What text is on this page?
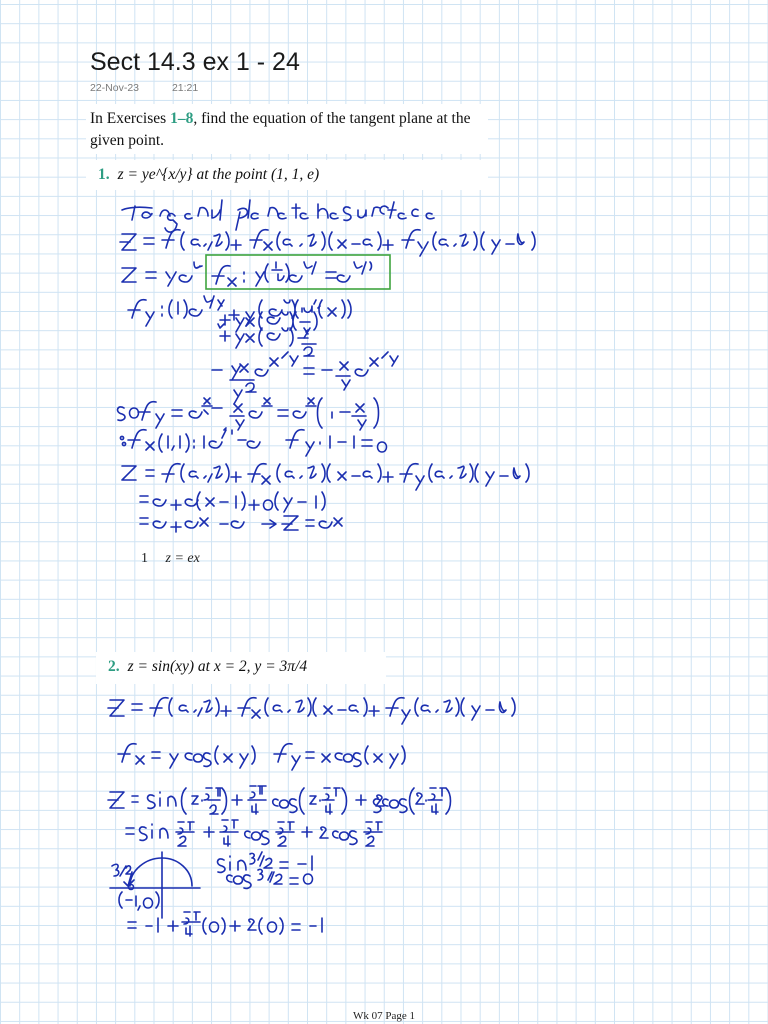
Sect 14.3 ex 1 - 24
22-Nov-23	21:21

In Exercises 1–8, find the equation of the tangent plane at the given point.

1. z = ye^{x/y} at the point (1, 1, e)

1 z = ex

2. z = sin(xy) at x = 2, y = 3π/4

Wk 07 Page 1
